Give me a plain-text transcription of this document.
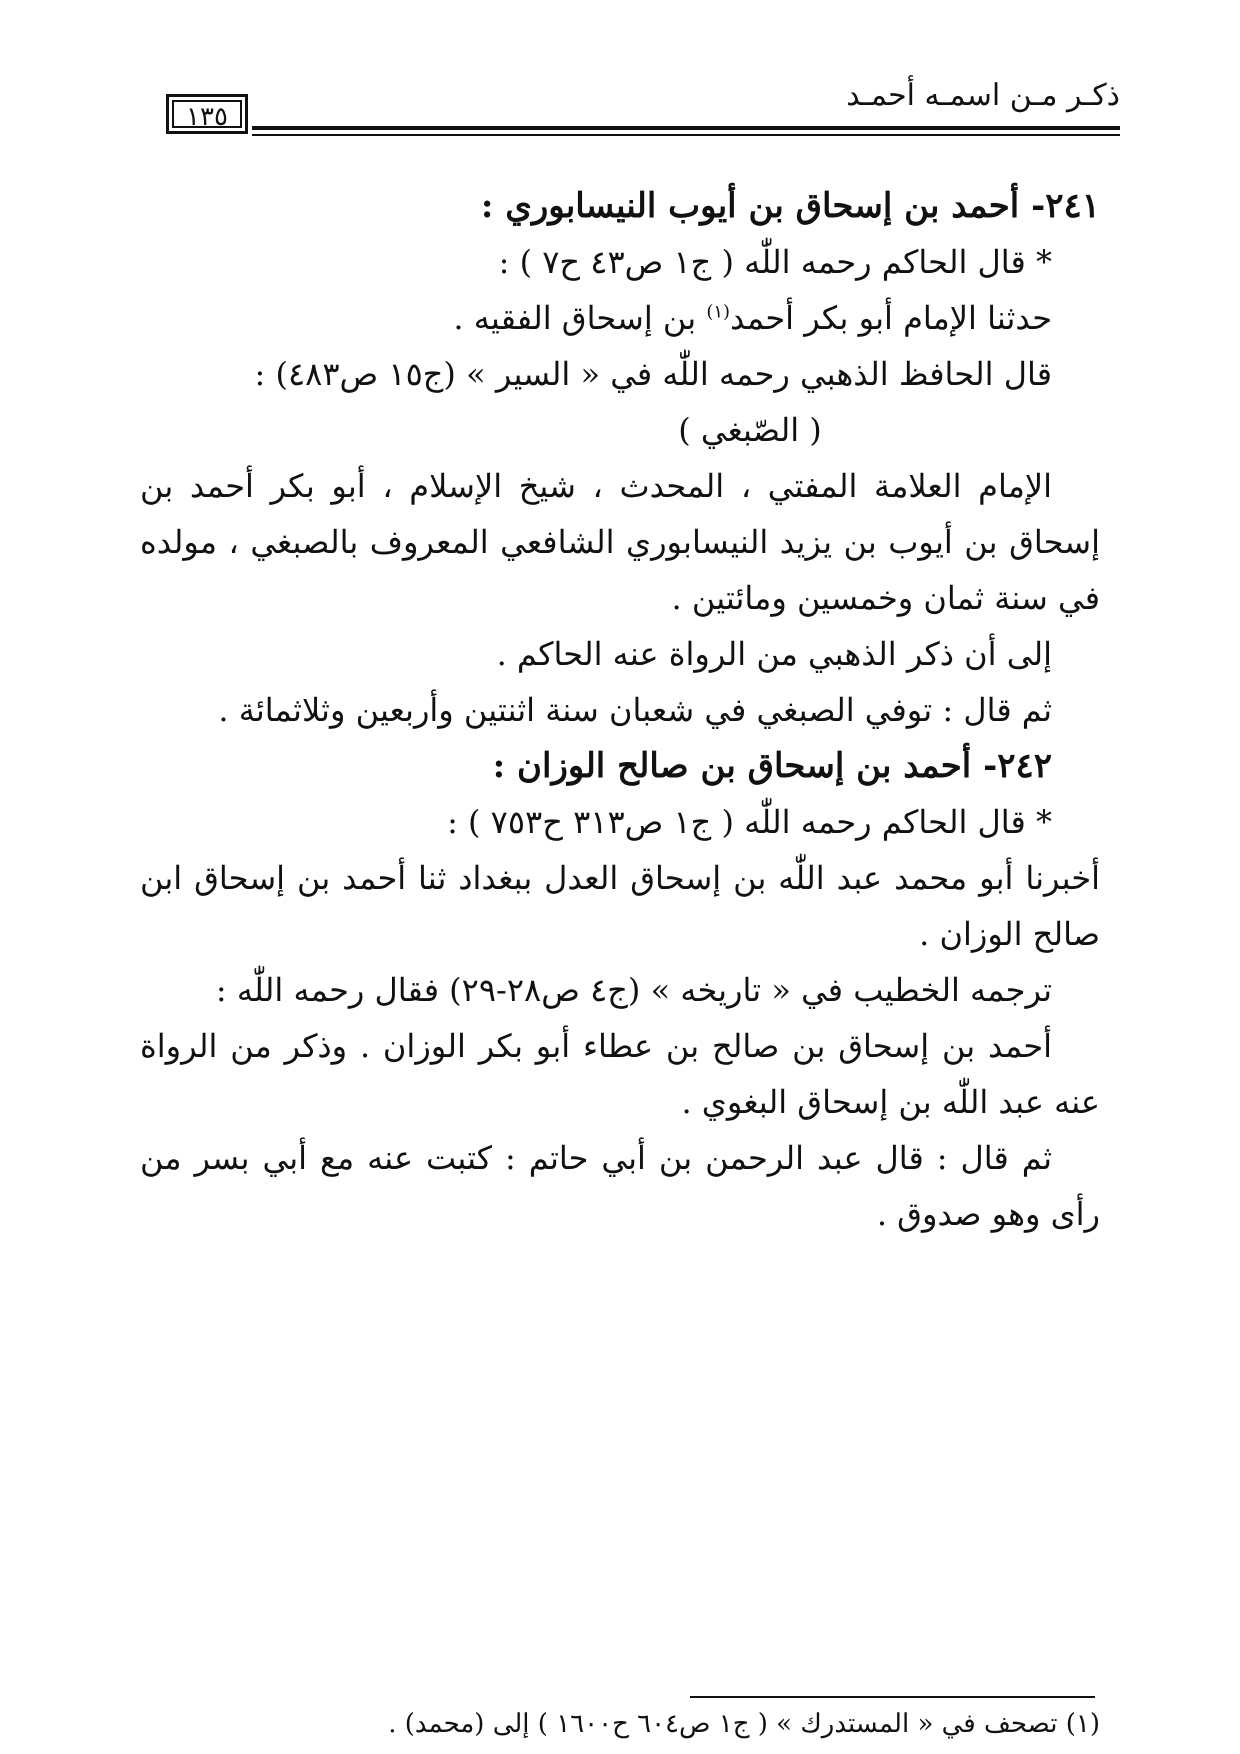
ذكـر مـن اسمـه أحمـد
١٣٥

٢٤١- أحمد بن إسحاق بن أيوب النيسابوري :

* قال الحاكم رحمه اللّٰه ( ج١ ص٤٣ ح٧ ) :

حدثنا الإمام أبو بكر أحمد$^{(١)}$ بن إسحاق الفقيه .

قال الحافظ الذهبي رحمه اللّٰه في « السير » (ج١٥ ص٤٨٣) :

( الصّبغي )

الإمام العلامة المفتي ، المحدث ، شيخ الإسلام ، أبو بكر أحمد بن إسحاق بن أيوب بن يزيد النيسابوري الشافعي المعروف بالصبغي ، مولده في سنة ثمان وخمسين ومائتين .

إلى أن ذكر الذهبي من الرواة عنه الحاكم .

ثم قال : توفي الصبغي في شعبان سنة اثنتين وأربعين وثلاثمائة .

٢٤٢- أحمد بن إسحاق بن صالح الوزان :

* قال الحاكم رحمه اللّٰه ( ج١ ص٣١٣ ح٧٥٣ ) :

أخبرنا أبو محمد عبد اللّٰه بن إسحاق العدل ببغداد ثنا أحمد بن إسحاق ابن صالح الوزان .

ترجمه الخطيب في « تاريخه » (ج٤ ص٢٨-٢٩) فقال رحمه اللّٰه :

أحمد بن إسحاق بن صالح بن عطاء أبو بكر الوزان . وذكر من الرواة عنه عبد اللّٰه بن إسحاق البغوي .

ثم قال : قال عبد الرحمن بن أبي حاتم : كتبت عنه مع أبي بسر من رأى وهو صدوق .

(١) تصحف في « المستدرك » ( ج١ ص٦٠٤ ح١٦٠٠ ) إلى (محمد) .
